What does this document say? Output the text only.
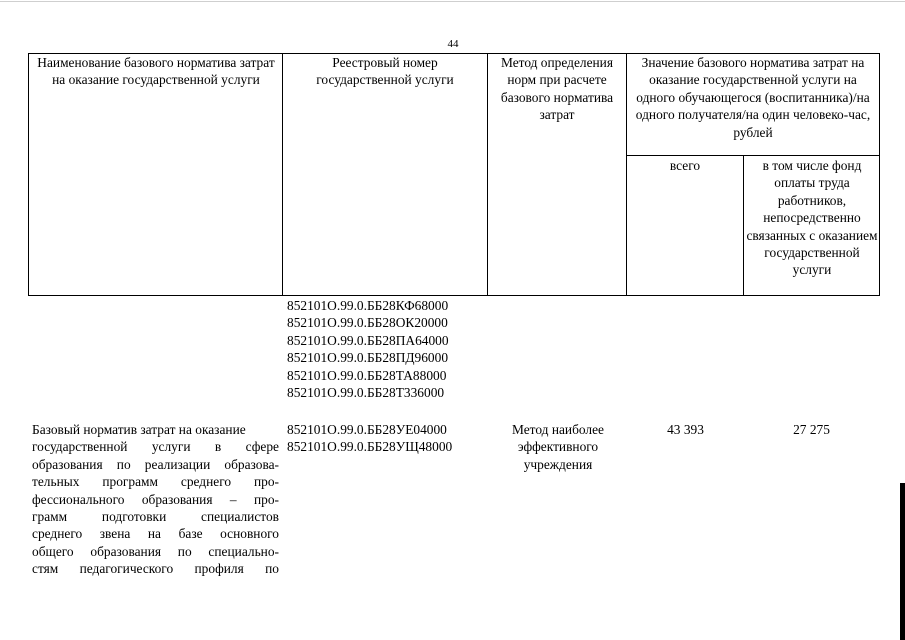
44
Наименование базового норматива затрат на оказание государственной услуги
Реестровый номер государственной услуги
Метод определения норм при расчете базового норматива затрат
Значение базового норматива затрат на оказание государственной услуги на одного обучающегося (воспитанника)/на одного получателя/на один человеко-час, рублей
всего	в том числе фонд оплаты труда работников, непосредственно связанных с оказанием государственной услуги
852101О.99.0.ББ28КФ68000
852101О.99.0.ББ28ОК20000
852101О.99.0.ББ28ПА64000
852101О.99.0.ББ28ПД96000
852101О.99.0.ББ28ТА88000
852101О.99.0.ББ28Т336000
Базовый норматив затрат на оказание
государственной услуги в сфере
образования по реализации образова-
тельных программ среднего про-
фессионального образования – про-
грамм подготовки специалистов
среднего звена на базе основного
общего образования по специально-
стям педагогического профиля по
852101О.99.0.ББ28УЕ04000
852101О.99.0.ББ28УЩ48000
Метод наиболее эффективного учреждения
43 393	27 275
